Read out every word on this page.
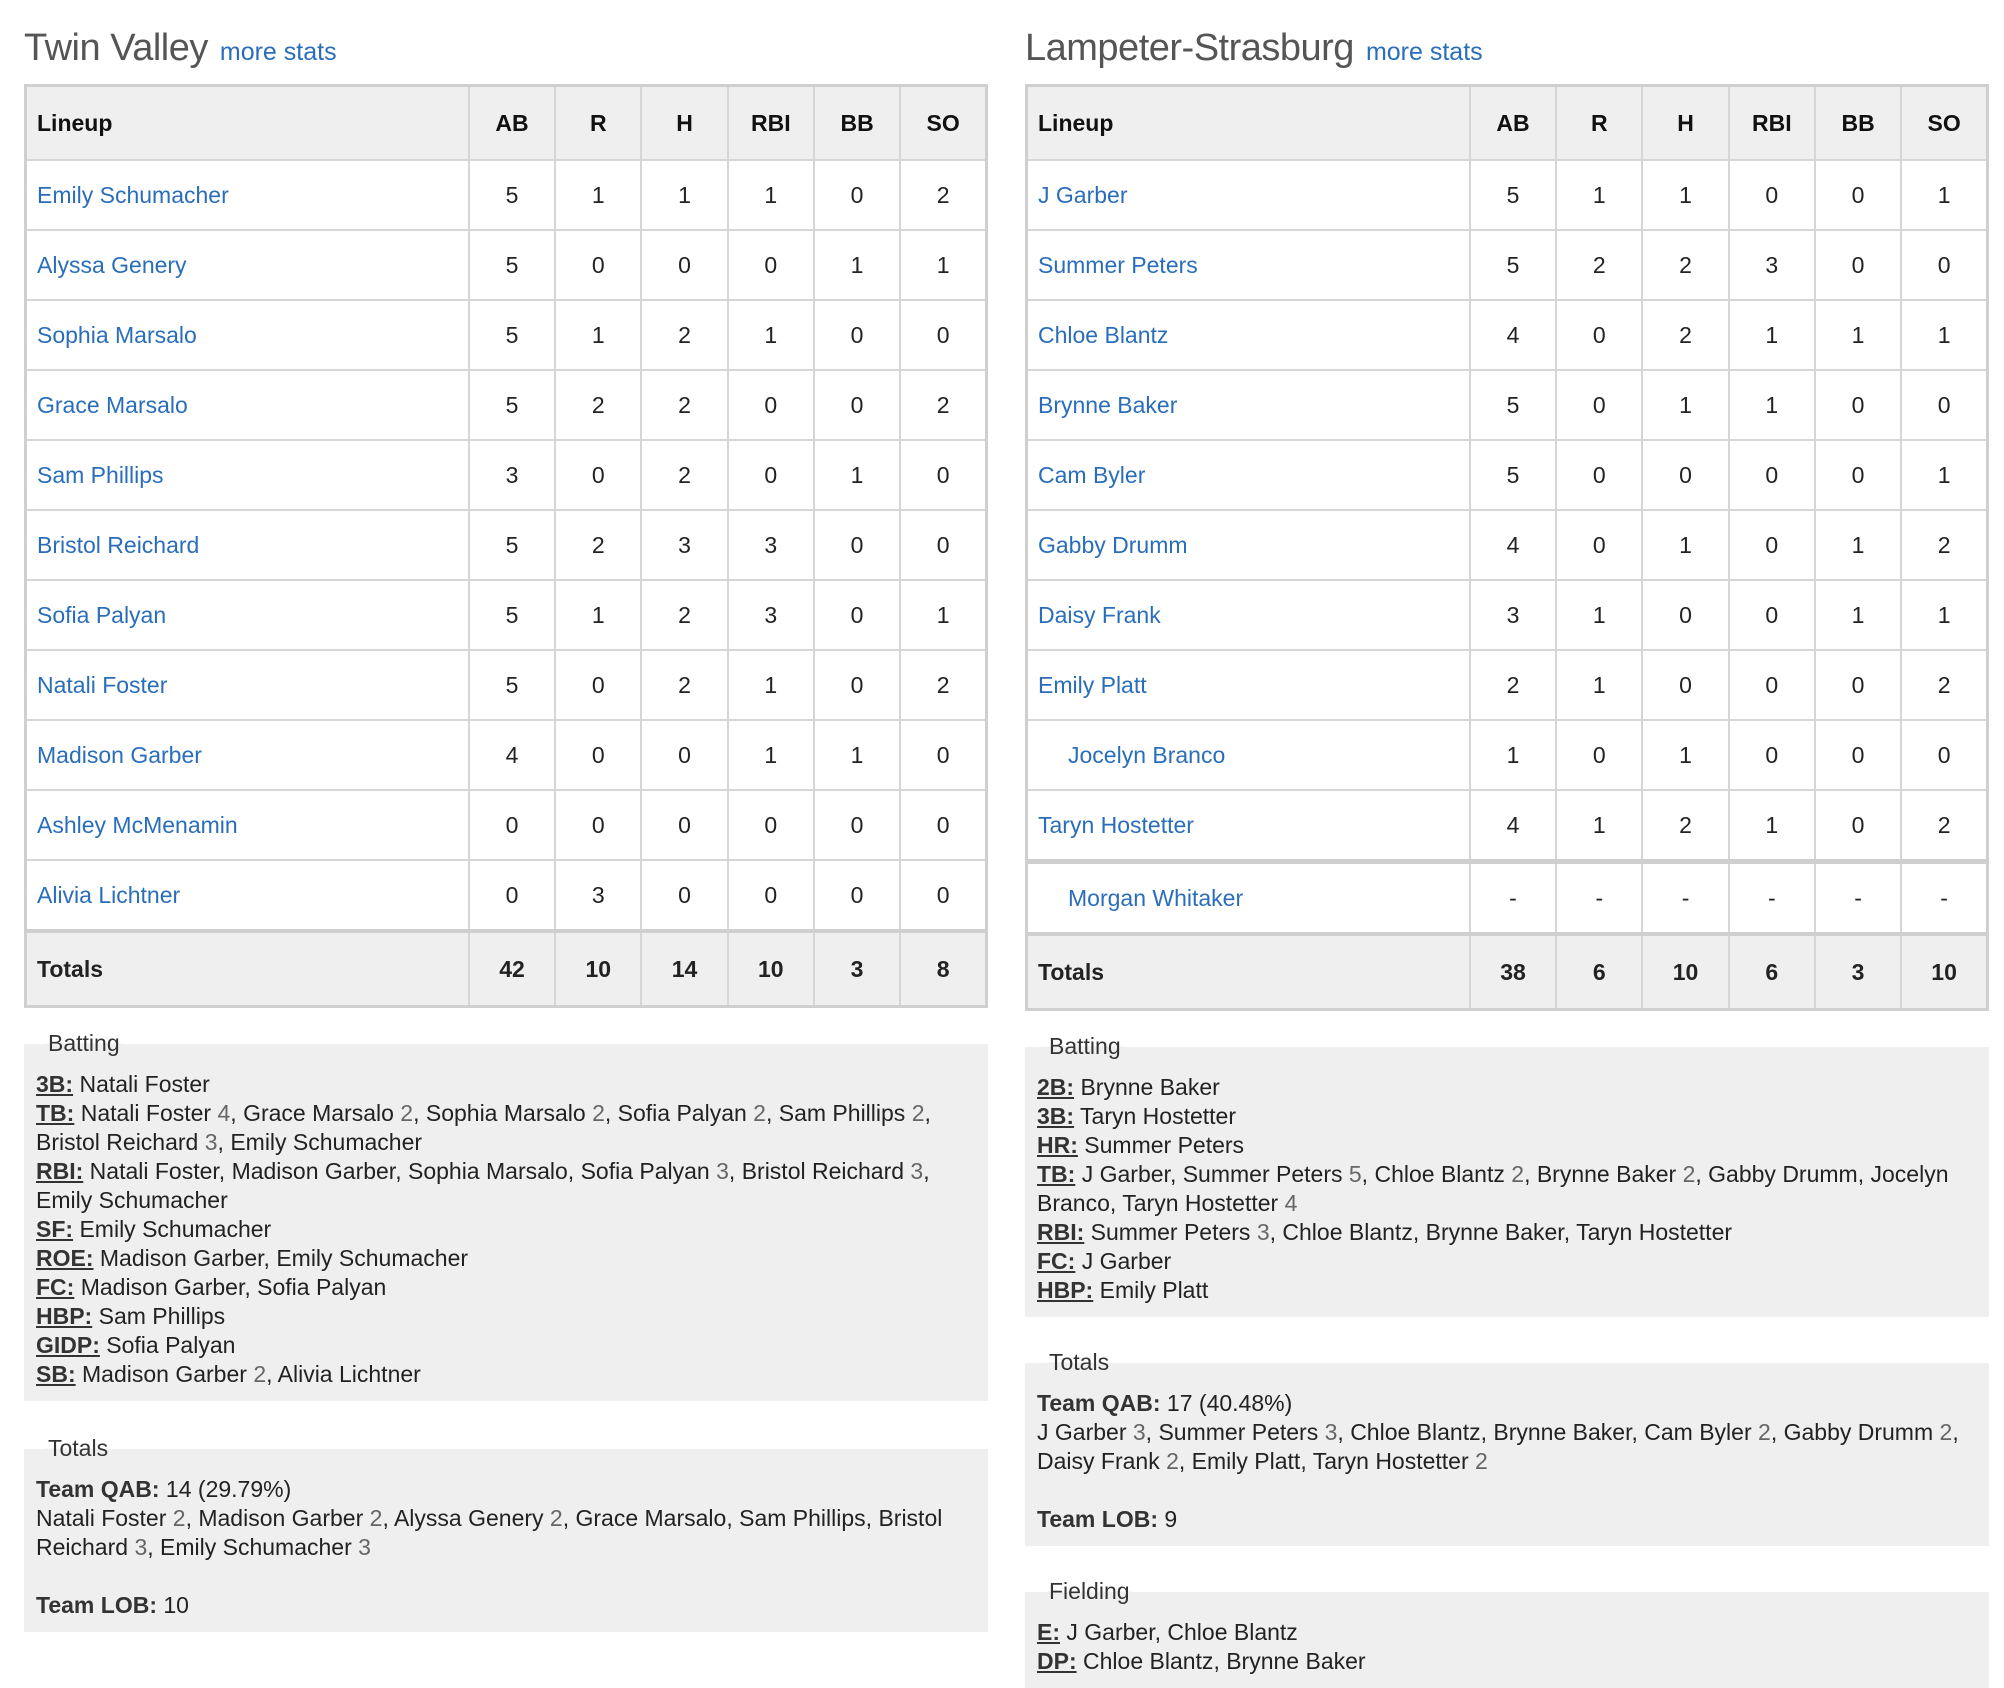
Twin Valley more stats
Lineup	AB	R	H	RBI	BB	SO
Emily Schumacher	5	1	1	1	0	2
Alyssa Genery	5	0	0	0	1	1
Sophia Marsalo	5	1	2	1	0	0
Grace Marsalo	5	2	2	0	0	2
Sam Phillips	3	0	2	0	1	0
Bristol Reichard	5	2	3	3	0	0
Sofia Palyan	5	1	2	3	0	1
Natali Foster	5	0	2	1	0	2
Madison Garber	4	0	0	1	1	0
Ashley McMenamin	0	0	0	0	0	0
Alivia Lichtner	0	3	0	0	0	0
Totals	42	10	14	10	3	8
Batting
3B: Natali Foster
TB: Natali Foster 4, Grace Marsalo 2, Sophia Marsalo 2, Sofia Palyan 2, Sam Phillips 2, Bristol Reichard 3, Emily Schumacher
RBI: Natali Foster, Madison Garber, Sophia Marsalo, Sofia Palyan 3, Bristol Reichard 3, Emily Schumacher
SF: Emily Schumacher
ROE: Madison Garber, Emily Schumacher
FC: Madison Garber, Sofia Palyan
HBP: Sam Phillips
GIDP: Sofia Palyan
SB: Madison Garber 2, Alivia Lichtner
Totals
Team QAB: 14 (29.79%)
Natali Foster 2, Madison Garber 2, Alyssa Genery 2, Grace Marsalo, Sam Phillips, Bristol Reichard 3, Emily Schumacher 3
Team LOB: 10
Lampeter-Strasburg more stats
Lineup	AB	R	H	RBI	BB	SO
J Garber	5	1	1	0	0	1
Summer Peters	5	2	2	3	0	0
Chloe Blantz	4	0	2	1	1	1
Brynne Baker	5	0	1	1	0	0
Cam Byler	5	0	0	0	0	1
Gabby Drumm	4	0	1	0	1	2
Daisy Frank	3	1	0	0	1	1
Emily Platt	2	1	0	0	0	2
Jocelyn Branco	1	0	1	0	0	0
Taryn Hostetter	4	1	2	1	0	2
Morgan Whitaker	-	-	-	-	-	-
Totals	38	6	10	6	3	10
Batting
2B: Brynne Baker
3B: Taryn Hostetter
HR: Summer Peters
TB: J Garber, Summer Peters 5, Chloe Blantz 2, Brynne Baker 2, Gabby Drumm, Jocelyn Branco, Taryn Hostetter 4
RBI: Summer Peters 3, Chloe Blantz, Brynne Baker, Taryn Hostetter
FC: J Garber
HBP: Emily Platt
Totals
Team QAB: 17 (40.48%)
J Garber 3, Summer Peters 3, Chloe Blantz, Brynne Baker, Cam Byler 2, Gabby Drumm 2, Daisy Frank 2, Emily Platt, Taryn Hostetter 2
Team LOB: 9
Fielding
E: J Garber, Chloe Blantz
DP: Chloe Blantz, Brynne Baker
